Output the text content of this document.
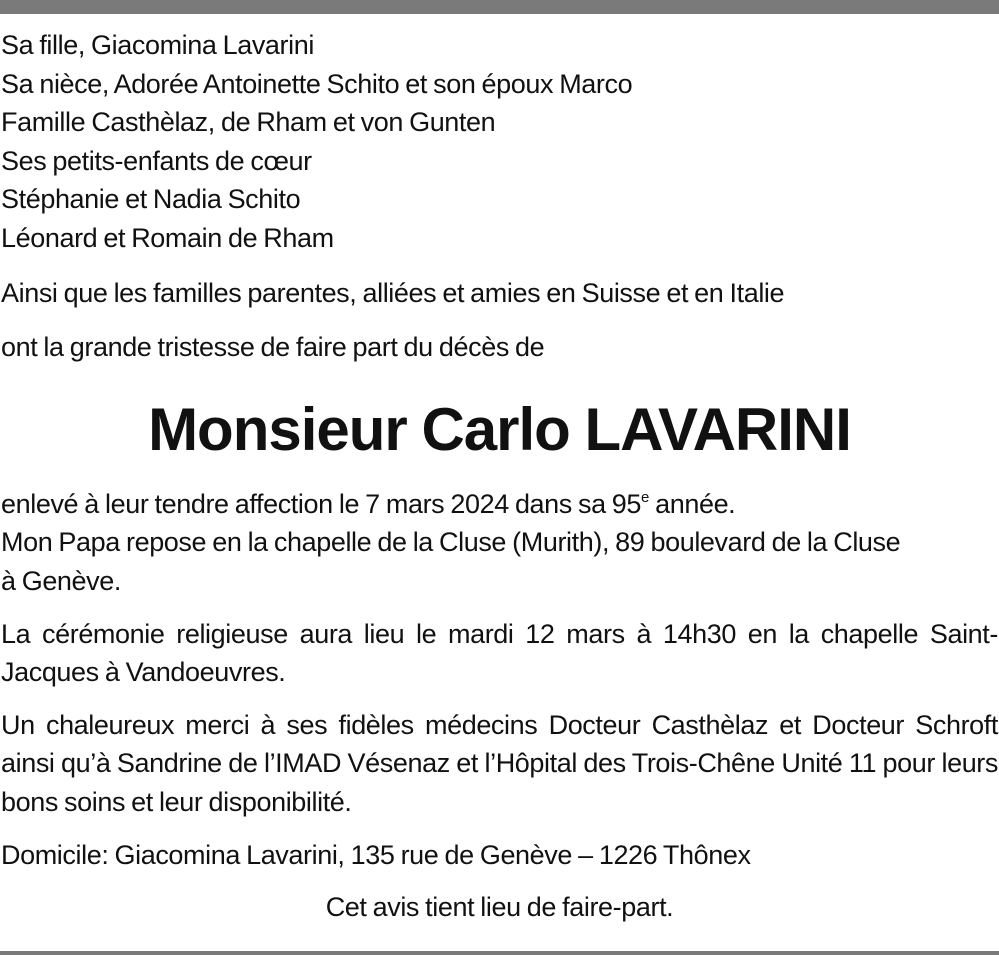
Sa fille, Giacomina Lavarini
Sa nièce, Adorée Antoinette Schito et son époux Marco
Famille Casthèlaz, de Rham et von Gunten
Ses petits-enfants de cœur
Stéphanie et Nadia Schito
Léonard et Romain de Rham
Ainsi que les familles parentes, alliées et amies en Suisse et en Italie
ont la grande tristesse de faire part du décès de
Monsieur Carlo LAVARINI
enlevé à leur tendre affection le 7 mars 2024 dans sa 95e année.
Mon Papa repose en la chapelle de la Cluse (Murith), 89 boulevard de la Cluse
à Genève.
La cérémonie religieuse aura lieu le mardi 12 mars à 14h30 en la chapelle Saint-Jacques à Vandoeuvres.
Un chaleureux merci à ses fidèles médecins Docteur Casthèlaz et Docteur Schroft ainsi qu’à Sandrine de l’IMAD Vésenaz et l’Hôpital des Trois-Chêne Unité 11 pour leurs bons soins et leur disponibilité.
Domicile: Giacomina Lavarini, 135 rue de Genève – 1226 Thônex
Cet avis tient lieu de faire-part.
